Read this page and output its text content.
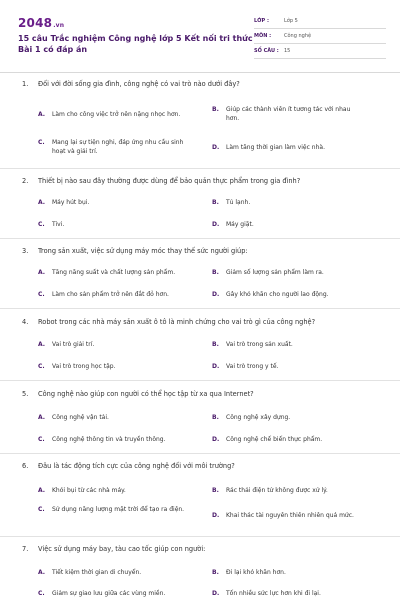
2048.vn
15 câu Trắc nghiệm Công nghệ lớp 5 Kết nối tri thức Bài 1 có đáp án
LỚP :	Lớp 5
MÔN :	Công nghệ
SỐ CÂU :	15
1.	Đối với đời sống gia đình, công nghệ có vai trò nào dưới đây?
A.	Làm cho công việc trở nên nặng nhọc hơn.
B.	Giúp các thành viên ít tương tác với nhau hơn.
C.	Mang lại sự tiện nghi, đáp ứng nhu cầu sinh hoạt và giải trí.
D.	Làm tăng thời gian làm việc nhà.
2.	Thiết bị nào sau đây thường được dùng để bảo quản thực phẩm trong gia đình?
A.	Máy hút bụi.	B.	Tủ lạnh.
C.	Tivi.	D.	Máy giặt.
3.	Trong sản xuất, việc sử dụng máy móc thay thế sức người giúp:
A.	Tăng năng suất và chất lượng sản phẩm.	B.	Giảm số lượng sản phẩm làm ra.
C.	Làm cho sản phẩm trở nên đắt đỏ hơn.	D.	Gây khó khăn cho người lao động.
4.	Robot trong các nhà máy sản xuất ô tô là minh chứng cho vai trò gì của công nghệ?
A.	Vai trò giải trí.	B.	Vai trò trong sản xuất.
C.	Vai trò trong học tập.	D.	Vai trò trong y tế.
5.	Công nghệ nào giúp con người có thể học tập từ xa qua Internet?
A.	Công nghệ vận tải.	B.	Công nghệ xây dựng.
C.	Công nghệ thông tin và truyền thông.	D.	Công nghệ chế biến thực phẩm.
6.	Đâu là tác động tích cực của công nghệ đối với môi trường?
A.	Khói bụi từ các nhà máy.	B.	Rác thải điện tử không được xử lý.
C.	Sử dụng năng lượng mặt trời để tạo ra điện.
D.	Khai thác tài nguyên thiên nhiên quá mức.
7.	Việc sử dụng máy bay, tàu cao tốc giúp con người:
A.	Tiết kiệm thời gian di chuyển.	B.	Đi lại khó khăn hơn.
C.	Giảm sự giao lưu giữa các vùng miền.	D.	Tốn nhiều sức lực hơn khi đi lại.
